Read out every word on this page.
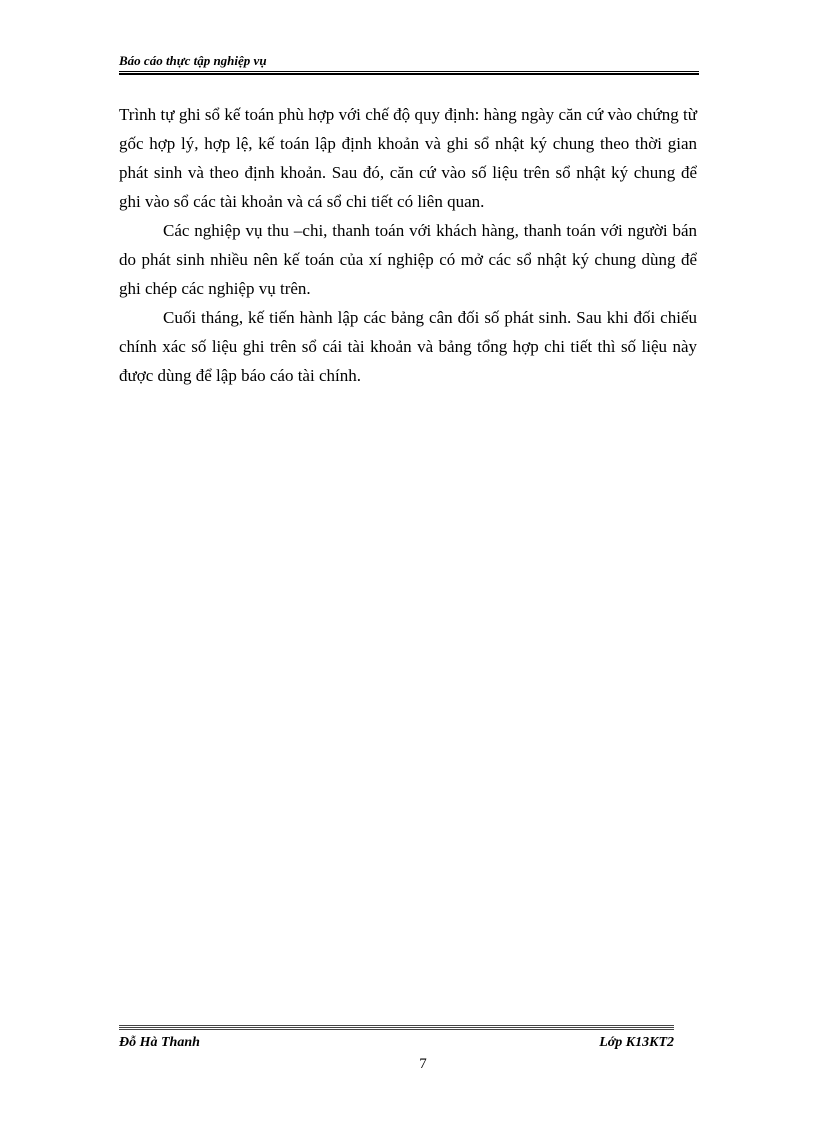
Báo cáo thực tập nghiệp vụ

Trình tự ghi sổ kế toán phù hợp với chế độ quy định: hàng ngày căn cứ vào chứng từ gốc hợp lý, hợp lệ, kế toán lập định khoản và ghi sổ nhật ký chung theo thời gian phát sinh và theo định khoản. Sau đó, căn cứ vào số liệu trên sổ nhật ký chung để ghi vào sổ các tài khoản và cá sổ chi tiết có liên quan.

Các nghiệp vụ thu –chi, thanh toán với khách hàng, thanh toán với người bán do phát sinh nhiều nên kế toán của xí nghiệp có mở các sổ nhật ký chung dùng để ghi chép các nghiệp vụ trên.

Cuối tháng, kế tiến hành lập các bảng cân đối số phát sinh. Sau khi đối chiếu chính xác số liệu ghi trên sổ cái tài khoản và bảng tổng hợp chi tiết thì số liệu này được dùng để lập báo cáo tài chính.

Đỗ Hà Thanh	Lớp K13KT2
7
